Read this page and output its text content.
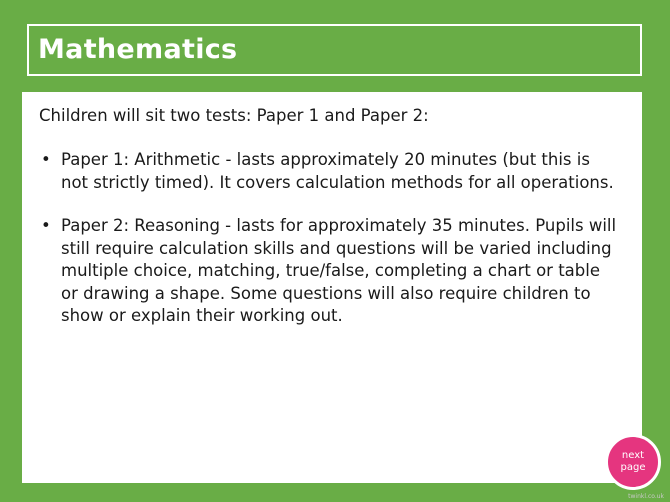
Mathematics

Children will sit two tests: Paper 1 and Paper 2:

• Paper 1: Arithmetic - lasts approximately 20 minutes (but this is not strictly timed). It covers calculation methods for all operations.
• Paper 2: Reasoning - lasts for approximately 35 minutes. Pupils will still require calculation skills and questions will be varied including multiple choice, matching, true/false, completing a chart or table or drawing a shape. Some questions will also require children to show or explain their working out.
next
page
twinkl.co.uk
